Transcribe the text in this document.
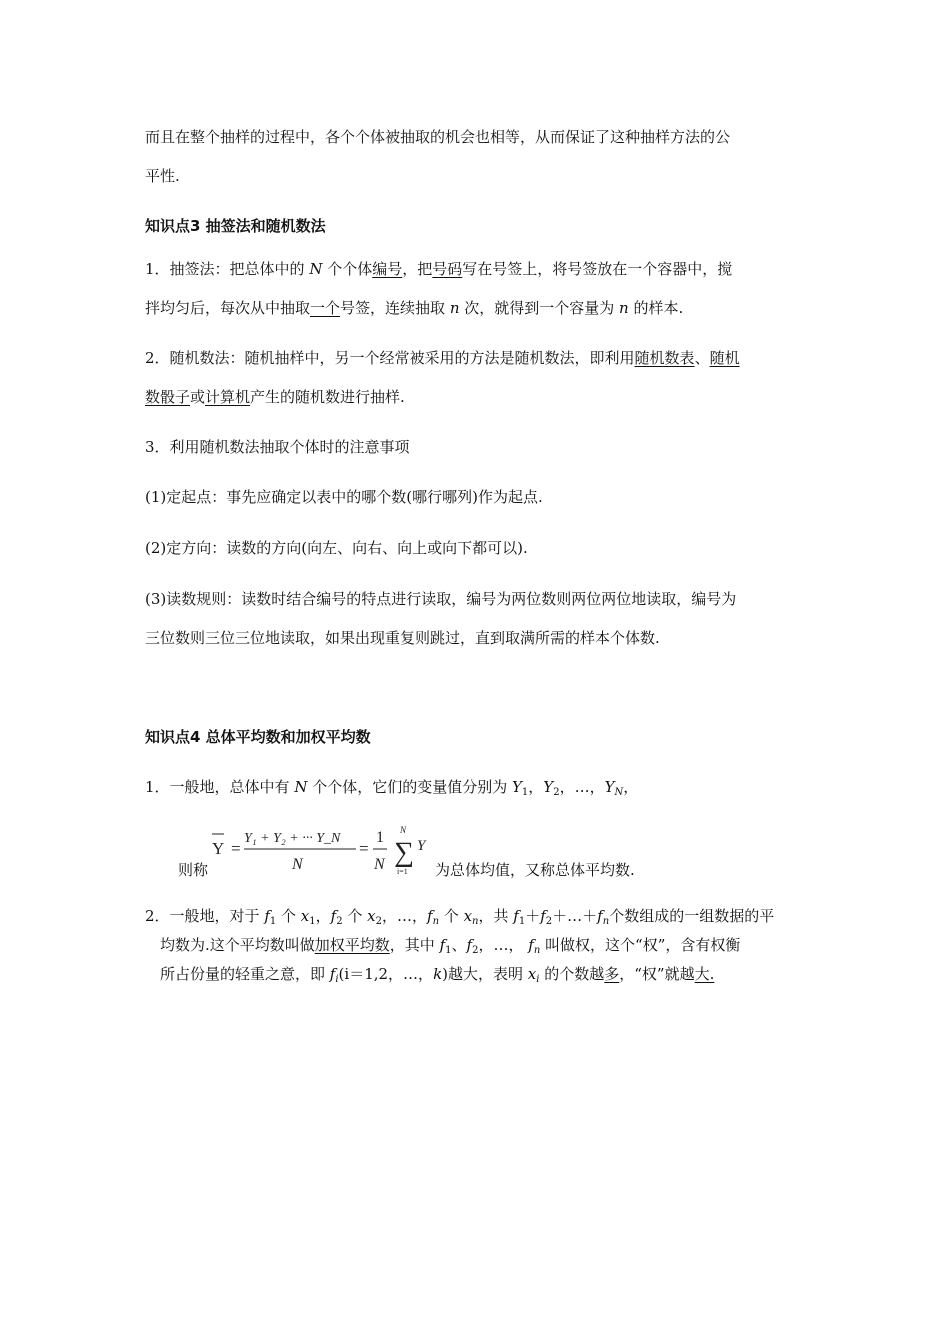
而且在整个抽样的过程中，各个个体被抽取的机会也相等，从而保证了这种抽样方法的公
平性.
知识点3 抽签法和随机数法
1．抽签法：把总体中的 N 个个体编号，把号码写在号签上，将号签放在一个容器中，搅
拌均匀后，每次从中抽取一个号签，连续抽取 n 次，就得到一个容量为 n 的样本.
2．随机数法：随机抽样中，另一个经常被采用的方法是随机数法，即利用随机数表、随机
数骰子或计算机产生的随机数进行抽样.
3．利用随机数法抽取个体时的注意事项
(1)定起点：事先应确定以表中的哪个数(哪行哪列)作为起点.
(2)定方向：读数的方向(向左、向右、向上或向下都可以).
(3)读数规则：读数时结合编号的特点进行读取，编号为两位数则两位两位地读取，编号为
三位数则三位三位地读取，如果出现重复则跳过，直到取满所需的样本个体数.
知识点4 总体平均数和加权平均数
1．一般地，总体中有 N 个个体，它们的变量值分别为 $Y_1$，$Y_2$，…，$Y_N$，
则称
Y =
Y₁ + Y₂ + ··· Y_N
N
=
1
N
N
∑
i=1
Y
为总体均值，又称总体平均数.
2．一般地，对于 $f_1$ 个 $x_1$，$f_2$ 个 $x_2$，…，$f_n$ 个 $x_n$，共 $f_1+f_2+\dots+f_n$个数组成的一组数据的平
均数为.这个平均数叫做加权平均数，其中 $f_1$、$f_2$，…， $f_n$ 叫做权，这个“权”，含有权衡
所占份量的轻重之意，即 $f_i(i=1,2$，…，k)越大，表明 $x_i$ 的个数越多，“权”就越大.
